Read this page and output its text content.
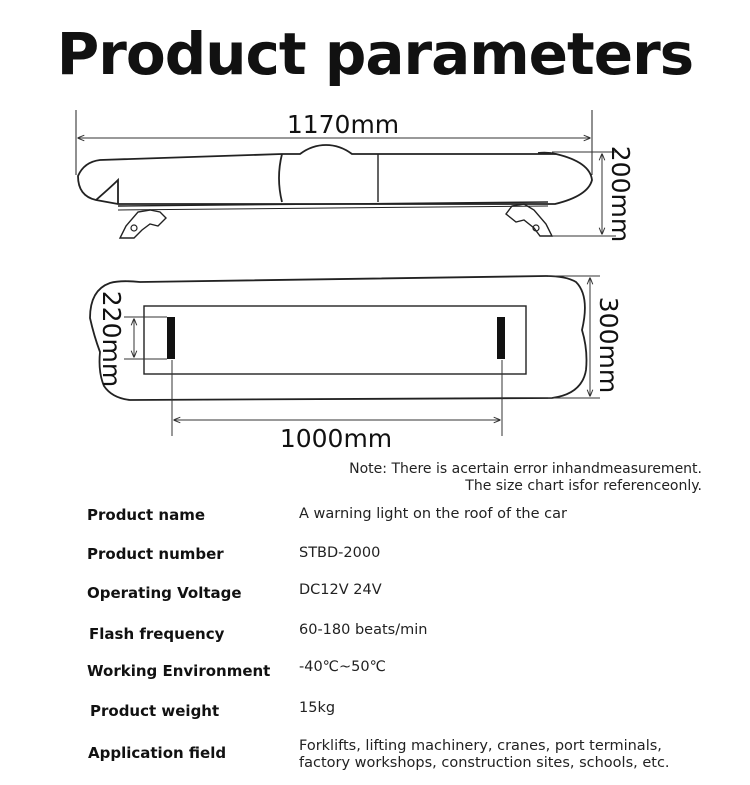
Product parameters
1170mm
200mm
220mm	300mm
1000mm
Note: There is acertain error inhandmeasurement.
The size chart isfor referenceonly.
Product name	A warning light on the roof of the car
Product number	STBD-2000
Operating Voltage	DC12V 24V
Flash frequency	60-180 beats/min
Working Environment -40℃~50℃
Product weight	15kg
Application field	Forklifts, lifting machinery, cranes, port terminals,
factory workshops, construction sites, schools, etc.
